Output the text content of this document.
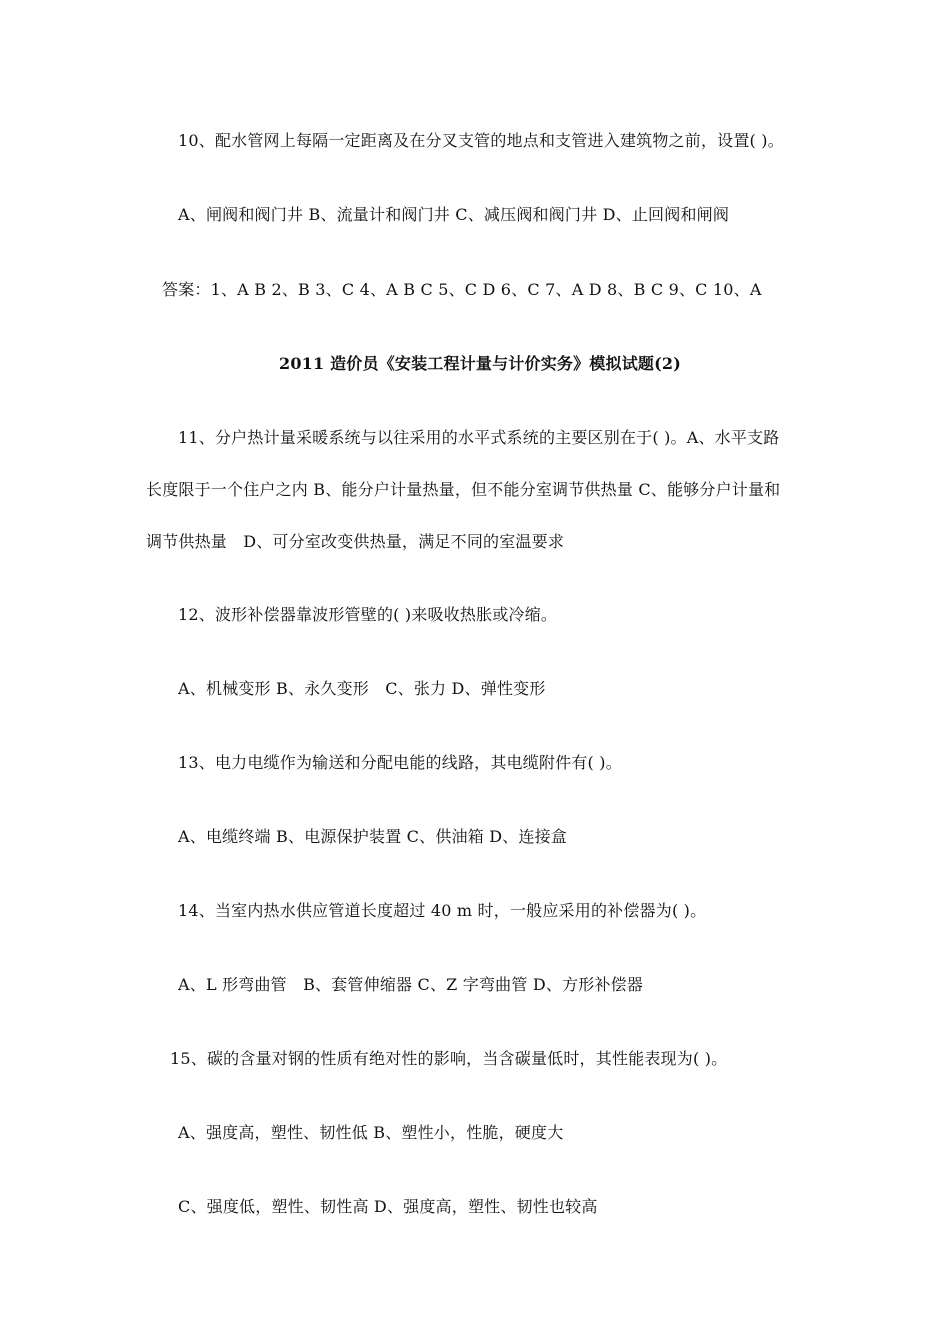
10、配水管网上每隔一定距离及在分叉支管的地点和支管进入建筑物之前，设置( )。
A、闸阀和阀门井 B、流量计和阀门井 C、减压阀和阀门井 D、止回阀和闸阀
答案：1、A B 2、B 3、C 4、A B C 5、C D 6、C 7、A D 8、B C 9、C 10、A
2011 造价员《安装工程计量与计价实务》模拟试题(2)
11、分户热计量采暖系统与以往采用的水平式系统的主要区别在于( )。A、水平支路
长度限于一个住户之内 B、能分户计量热量，但不能分室调节供热量 C、能够分户计量和
调节供热量　D、可分室改变供热量，满足不同的室温要求
12、波形补偿器靠波形管壁的( )来吸收热胀或冷缩。
A、机械变形 B、永久变形　C、张力 D、弹性变形
13、电力电缆作为输送和分配电能的线路，其电缆附件有( )。
A、电缆终端 B、电源保护装置 C、供油箱 D、连接盒
14、当室内热水供应管道长度超过 40 m 时，一般应采用的补偿器为( )。
A、L 形弯曲管　B、套管伸缩器 C、Z 字弯曲管 D、方形补偿器
15、碳的含量对钢的性质有绝对性的影响，当含碳量低时，其性能表现为( )。
A、强度高，塑性、韧性低 B、塑性小，性脆，硬度大
C、强度低，塑性、韧性高 D、强度高，塑性、韧性也较高
